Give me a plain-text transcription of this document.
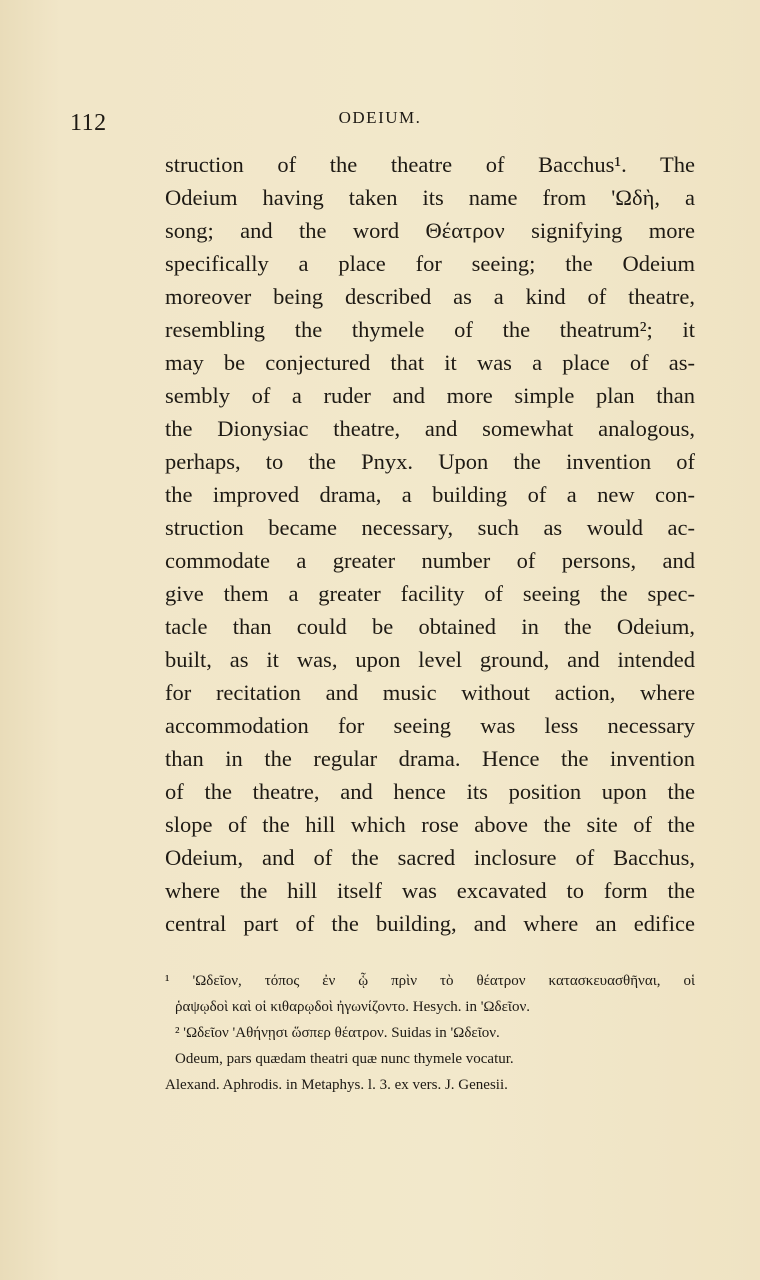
112	ODEIUM.
struction of the theatre of Bacchus¹. The
Odeium having taken its name from 'Ωδὴ, a
song; and the word Θέατρον signifying more
specifically a place for seeing; the Odeium
moreover being described as a kind of theatre,
resembling the thymele of the theatrum²; it
may be conjectured that it was a place of as-
sembly of a ruder and more simple plan than
the Dionysiac theatre, and somewhat analogous,
perhaps, to the Pnyx. Upon the invention of
the improved drama, a building of a new con-
struction became necessary, such as would ac-
commodate a greater number of persons, and
give them a greater facility of seeing the spec-
tacle than could be obtained in the Odeium,
built, as it was, upon level ground, and intended
for recitation and music without action, where
accommodation for seeing was less necessary
than in the regular drama. Hence the invention
of the theatre, and hence its position upon the
slope of the hill which rose above the site of the
Odeium, and of the sacred inclosure of Bacchus,
where the hill itself was excavated to form the
central part of the building, and where an edifice
¹ 'Ωδεῖον, τόπος ἐν ᾧ πρὶν τὸ θέατρον κατασκευασθῆναι, οἱ
ῥαψῳδοὶ καὶ οἱ κιθαρῳδοὶ ἠγωνίζοντο. Hesych. in 'Ωδεῖον.
² 'Ωδεῖον 'Αθήνῃσι ὥσπερ θέατρον. Suidas in 'Ωδεῖον.
Odeum, pars quædam theatri quæ nunc thymele vocatur.
Alexand. Aphrodis. in Metaphys. l. 3. ex vers. J. Genesii.
